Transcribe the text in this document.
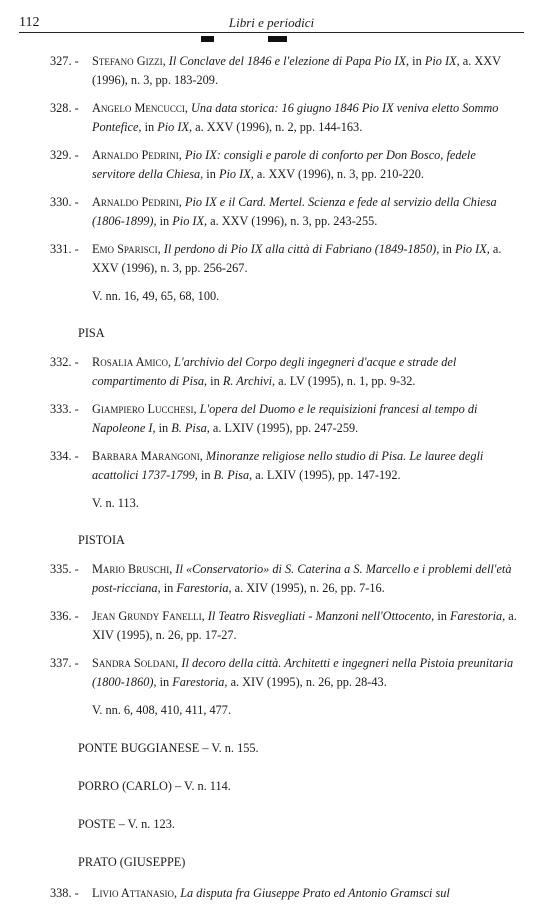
112	Libri e periodici
327. - Stefano Gizzi, Il Conclave del 1846 e l'elezione di Papa Pio IX, in Pio IX, a. XXV (1996), n. 3, pp. 183-209.
328. - Angelo Mencucci, Una data storica: 16 giugno 1846 Pio IX veniva eletto Sommo Pontefice, in Pio IX, a. XXV (1996), n. 2, pp. 144-163.
329. - Arnaldo Pedrini, Pio IX: consigli e parole di conforto per Don Bosco, fedele servitore della Chiesa, in Pio IX, a. XXV (1996), n. 3, pp. 210-220.
330. - Arnaldo Pedrini, Pio IX e il Card. Mertel. Scienza e fede al servizio della Chiesa (1806-1899), in Pio IX, a. XXV (1996), n. 3, pp. 243-255.
331. - Emo Sparisci, Il perdono di Pio IX alla città di Fabriano (1849-1850), in Pio IX, a. XXV (1996), n. 3, pp. 256-267.
V. nn. 16, 49, 65, 68, 100.
PISA
332. - Rosalia Amico, L'archivio del Corpo degli ingegneri d'acque e strade del compartimento di Pisa, in R. Archivi, a. LV (1995), n. 1, pp. 9-32.
333. - Giampiero Lucchesi, L'opera del Duomo e le requisizioni francesi al tempo di Napoleone I, in B. Pisa, a. LXIV (1995), pp. 247-259.
334. - Barbara Marangoni, Minoranze religiose nello studio di Pisa. Le lauree degli acattolici 1737-1799, in B. Pisa, a. LXIV (1995), pp. 147-192.
V. n. 113.
PISTOIA
335. - Mario Bruschi, Il «Conservatorio» di S. Caterina a S. Marcello e i problemi dell'età post-ricciana, in Farestoria, a. XIV (1995), n. 26, pp. 7-16.
336. - Jean Grundy Fanelli, Il Teatro Risvegliati - Manzoni nell'Ottocento, in Farestoria, a. XIV (1995), n. 26, pp. 17-27.
337. - Sandra Soldani, Il decoro della città. Architetti e ingegneri nella Pistoia preunitaria (1800-1860), in Farestoria, a. XIV (1995), n. 26, pp. 28-43.
V. nn. 6, 408, 410, 411, 477.
PONTE BUGGIANESE – V. n. 155.
PORRO (CARLO) – V. n. 114.
POSTE – V. n. 123.
PRATO (GIUSEPPE)
338. - Livio Attanasio, La disputa fra Giuseppe Prato ed Antonio Gramsci sul
